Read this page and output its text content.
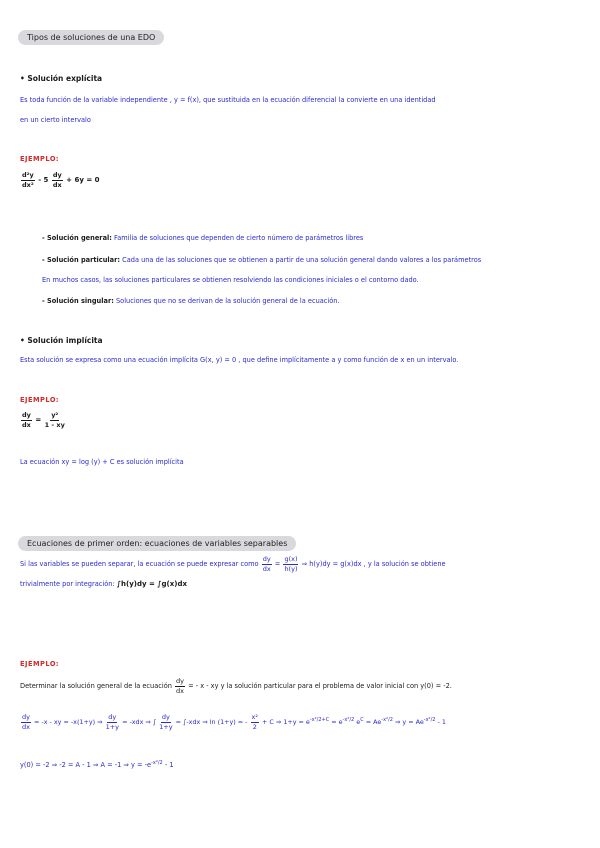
Tipos de soluciones de una EDO
• Solución explícita
Es toda función de la variable independiente , y = f(x), que sustituida en la ecuación diferencial la convierte en una identidad
en un cierto intervalo
EJEMPLO:
$\frac{\text{d²y}}{\text{dx²}} - 5 \frac{dy}{dx} + 6y = 0$
- Solución general: Familia de soluciones que dependen de cierto número de parámetros libres
- Solución particular: Cada una de las soluciones que se obtienen a partir de una solución general dando valores a los parámetros
En muchos casos, las soluciones particulares se obtienen resolviendo las condiciones iniciales o el contorno dado.
- Solución singular: Soluciones que no se derivan de la solución general de la ecuación.
• Solución implícita
Esta solución se expresa como una ecuación implícita G(x, y) = 0 , que define implícitamente a y como función de x en un intervalo.
EJEMPLO:
$\frac{dy}{dx} = \frac{\text{y²}}{1 - xy}$
La ecuación xy = log (y) + C es solución implícita
Ecuaciones de primer orden: ecuaciones de variables separables
Si las variables se pueden separar, la ecuación se puede expresar como $\frac{dy}{dx} = \frac{g(x)}{h(y)}$ ⇒ h(y)dy = g(x)dx , y la solución se obtiene
trivialmente por integración: ∫h(y)dy = ∫g(x)dx
EJEMPLO:
Determinar la solución general de la ecuación $\frac{dy}{dx}$ = - x - xy y la solución particular para el problema de valor inicial con y(0) = -2.
$\frac{dy}{dx} = -x$ - xy = -x(1+y) ⇒ $\frac{dy}{1+y} = -xdx$ ⇒ ∫ $\frac{dy}{1+y} = \int-xdx$ ⇒ ln (1+y) = - $\frac{\text{x²}}{2} + C$ ⇒ $1+y = e^{-x^2/2+C} = e^{-x^2/2}$ $e^C = Ae^{-x^2/2}$ ⇒ $y = Ae^{-x^2/2} - 1$
y(0) = -2 ⇒ -2 = A - 1 ⇒ A = -1 ⇒ $y = -e^{-x^2/2} - 1$
